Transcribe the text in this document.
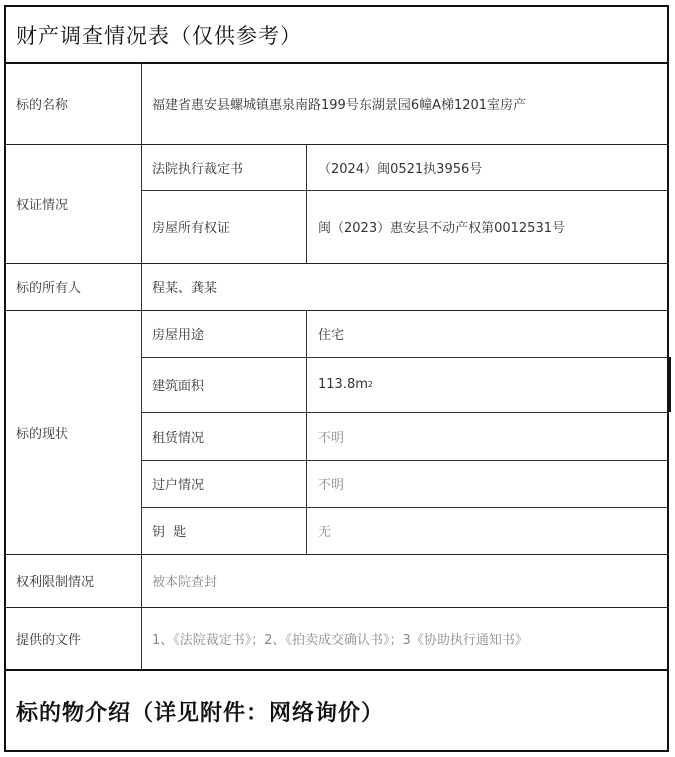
财产调查情况表（仅供参考）
标的名称	福建省惠安县螺城镇惠泉南路199号东湖景园6幢A梯1201室房产
权证情况
法院执行裁定书	（2024）闽0521执3956号
房屋所有权证	闽（2023）惠安县不动产权第0012531号
标的所有人	程某、龚某
标的现状
房屋用途	住宅
建筑面积	113.8m 2
租赁情况	不明
过户情况	不明
钥  匙	无
权利限制情况	被本院查封
提供的文件	1、《法院裁定书》；2、《拍卖成交确认书》；3《协助执行通知书》
标的物介绍（详见附件：网络询价）
